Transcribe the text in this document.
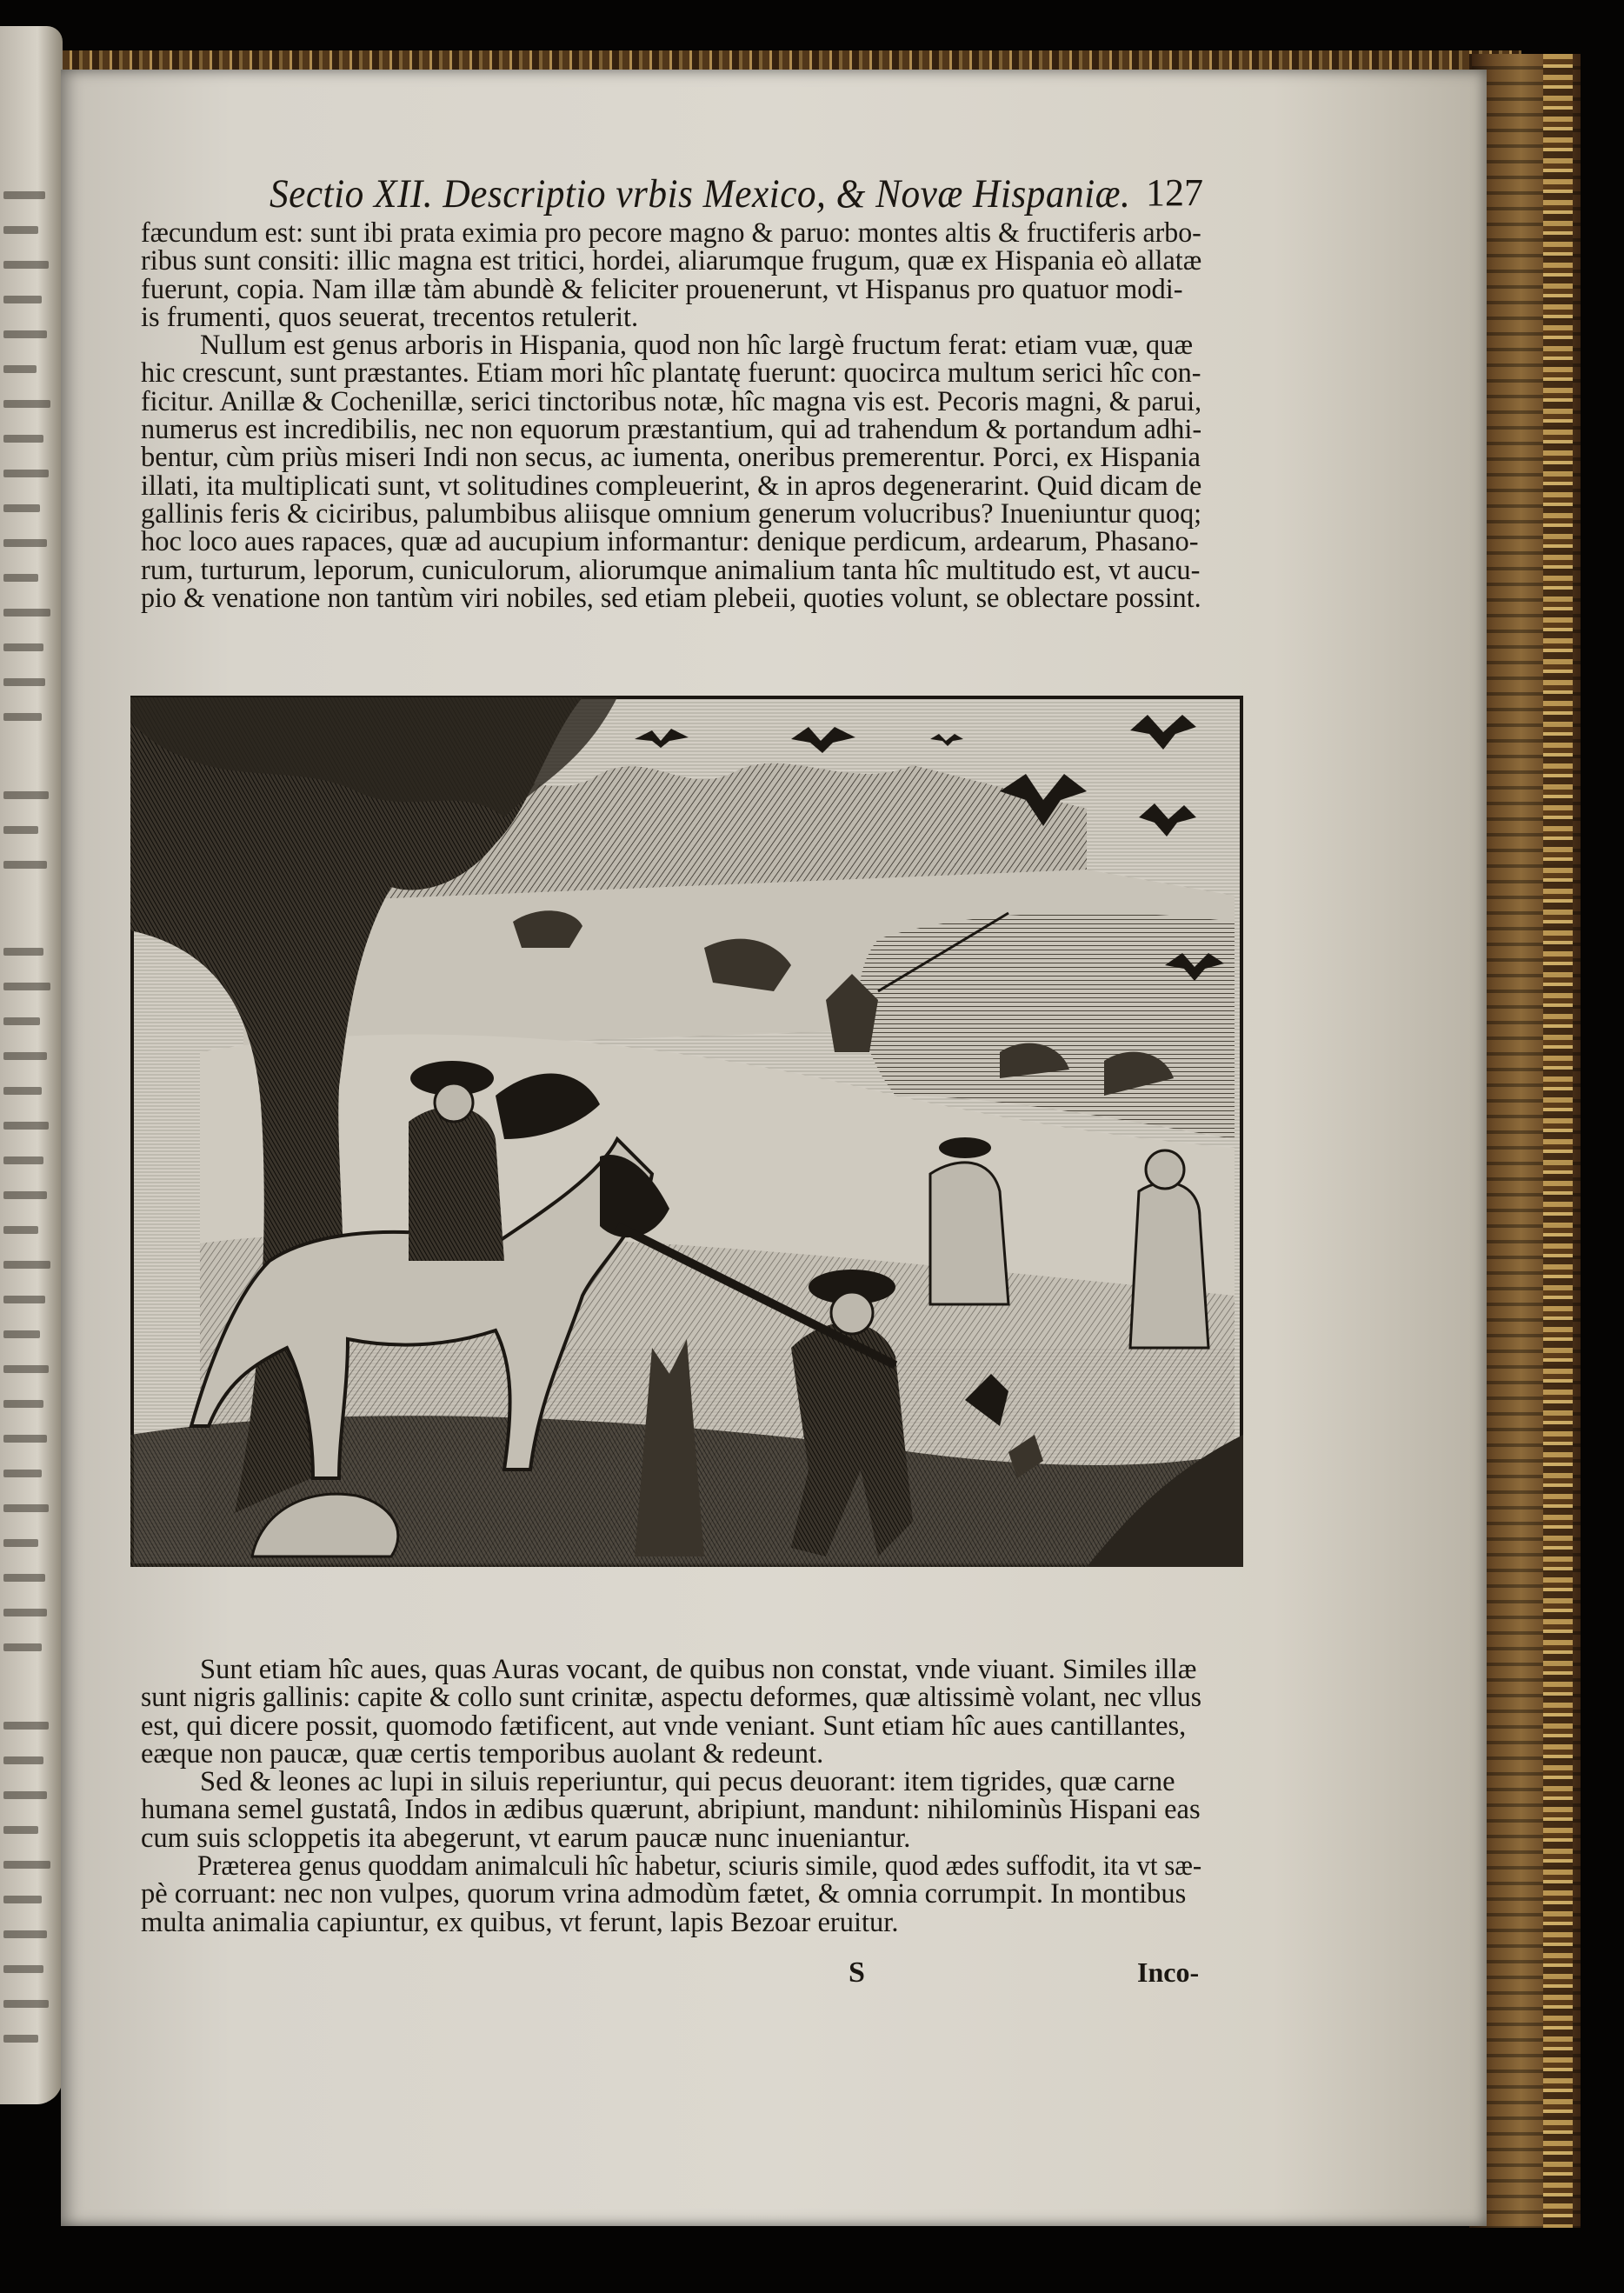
Sectio XII. Descriptio vrbis Mexico, & Novæ Hispaniæ. 127
fæcundum est: sunt ibi prata eximia pro pecore magno & paruo: montes altis & fructiferis arbo-
ribus sunt consiti: illic magna est tritici, hordei, aliarumque frugum, quæ ex Hispania eò allatæ
fuerunt, copia. Nam illæ tàm abundè & feliciter prouenerunt, vt Hispanus pro quatuor modi-
is frumenti, quos seuerat, trecentos retulerit.
Nullum est genus arboris in Hispania, quod non hîc largè fructum ferat: etiam vuæ, quæ
hic crescunt, sunt præstantes. Etiam mori hîc plantatę fuerunt: quocirca multum serici hîc con-
ficitur. Anillæ & Cochenillæ, serici tinctoribus notæ, hîc magna vis est. Pecoris magni, & parui,
numerus est incredibilis, nec non equorum præstantium, qui ad trahendum & portandum adhi-
bentur, cùm priùs miseri Indi non secus, ac iumenta, oneribus premerentur. Porci, ex Hispania
illati, ita multiplicati sunt, vt solitudines compleuerint, & in apros degenerarint. Quid dicam de
gallinis feris & ciciribus, palumbibus aliisque omnium generum volucribus? Inueniuntur quoq;
hoc loco aues rapaces, quæ ad aucupium informantur: denique perdicum, ardearum, Phasano-
rum, turturum, leporum, cuniculorum, aliorumque animalium tanta hîc multitudo est, vt aucu-
pio & venatione non tantùm viri nobiles, sed etiam plebeii, quoties volunt, se oblectare possint.
Sunt etiam hîc aues, quas Auras vocant, de quibus non constat, vnde viuant. Similes illæ
sunt nigris gallinis: capite & collo sunt crinitæ, aspectu deformes, quæ altissimè volant, nec vllus
est, qui dicere possit, quomodo fætificent, aut vnde veniant. Sunt etiam hîc aues cantillantes,
eæque non paucæ, quæ certis temporibus auolant & redeunt.
Sed & leones ac lupi in siluis reperiuntur, qui pecus deuorant: item tigrides, quæ carne
humana semel gustatâ, Indos in ædibus quærunt, abripiunt, mandunt: nihilominùs Hispani eas
cum suis scloppetis ita abegerunt, vt earum paucæ nunc inueniantur.
Præterea genus quoddam animalculi hîc habetur, sciuris simile, quod ædes suffodit, ita vt sæ-
pè corruant: nec non vulpes, quorum vrina admodùm fætet, & omnia corrumpit. In montibus
multa animalia capiuntur, ex quibus, vt ferunt, lapis Bezoar eruitur.
S	Inco-
